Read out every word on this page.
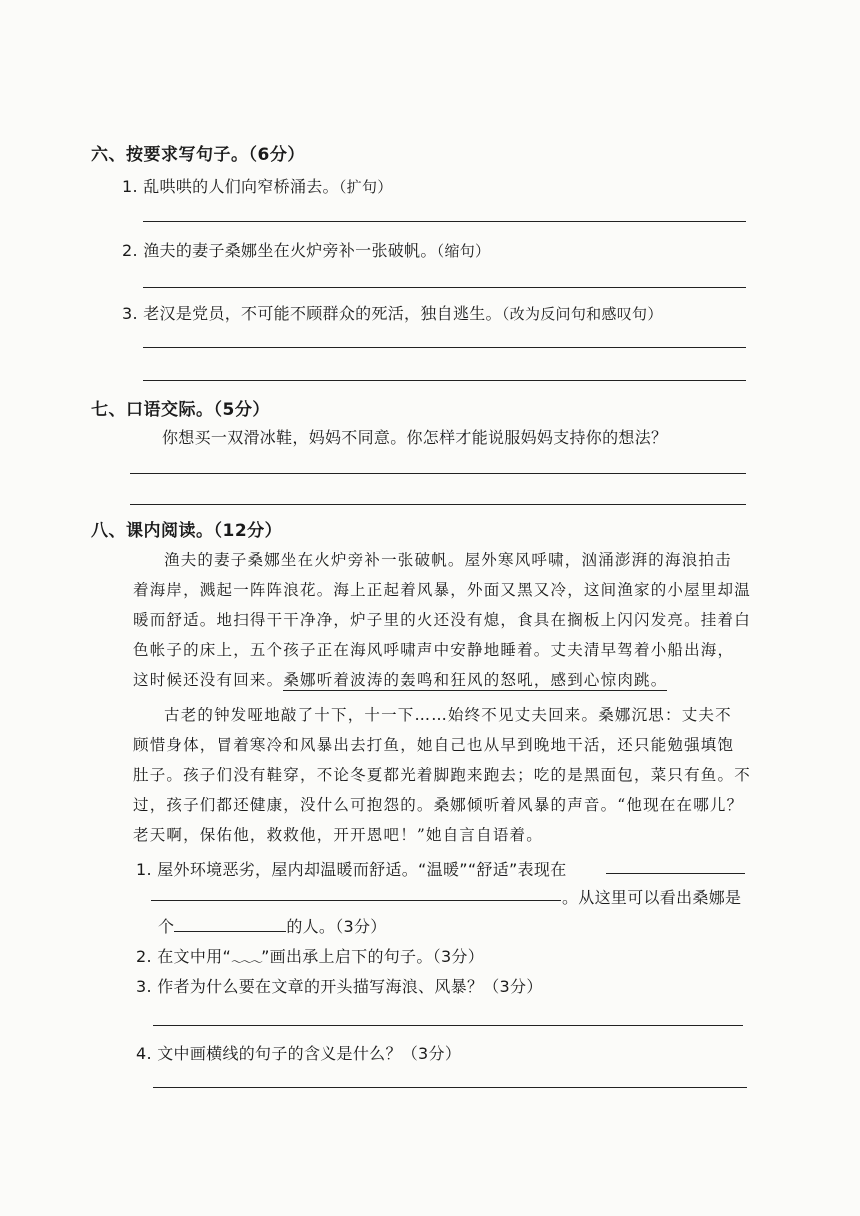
六、按要求写句子。（6分）
1. 乱哄哄的人们向窄桥涌去。（扩句）
2. 渔夫的妻子桑娜坐在火炉旁补一张破帆。（缩句）
3. 老汉是党员，不可能不顾群众的死活，独自逃生。（改为反问句和感叹句）
七、口语交际。（5分）
你想买一双滑冰鞋，妈妈不同意。你怎样才能说服妈妈支持你的想法？
八、课内阅读。（12分）
渔夫的妻子桑娜坐在火炉旁补一张破帆。屋外寒风呼啸，汹涌澎湃的海浪拍击
着海岸，溅起一阵阵浪花。海上正起着风暴，外面又黑又冷，这间渔家的小屋里却温
暖而舒适。地扫得干干净净，炉子里的火还没有熄，食具在搁板上闪闪发亮。挂着白
色帐子的床上，五个孩子正在海风呼啸声中安静地睡着。丈夫清早驾着小船出海，
这时候还没有回来。桑娜听着波涛的轰鸣和狂风的怒吼，感到心惊肉跳。
古老的钟发哑地敲了十下，十一下……始终不见丈夫回来。桑娜沉思：丈夫不
顾惜身体，冒着寒冷和风暴出去打鱼，她自己也从早到晚地干活，还只能勉强填饱
肚子。孩子们没有鞋穿，不论冬夏都光着脚跑来跑去；吃的是黑面包，菜只有鱼。不
过，孩子们都还健康，没什么可抱怨的。桑娜倾听着风暴的声音。“他现在在哪儿？
老天啊，保佑他，救救他，开开恩吧！”她自言自语着。
1. 屋外环境恶劣，屋内却温暖而舒适。“温暖”“舒适”表现在
。从这里可以看出桑娜是
个	的人。（3分）
2. 在文中用“$_{\sim\sim\sim}$”画出承上启下的句子。（3分）
3. 作者为什么要在文章的开头描写海浪、风暴？（3分）
4. 文中画横线的句子的含义是什么？（3分）
